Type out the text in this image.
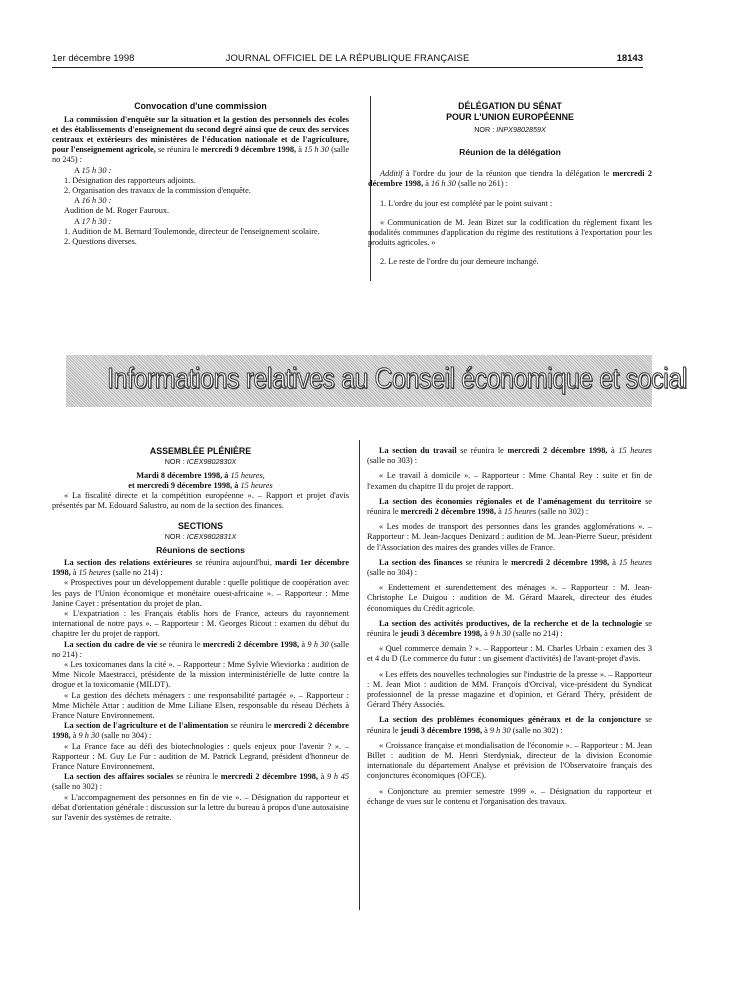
1er décembre 1998	JOURNAL OFFICIEL DE LA RÉPUBLIQUE FRANÇAISE	18143
Convocation d'une commission

La commission d'enquête sur la situation et la gestion des personnels des écoles et des établissements d'enseignement du second degré ainsi que de ceux des services centraux et extérieurs des ministères de l'éducation nationale et de l'agriculture, pour l'enseignement agricole, se réunira le mercredi 9 décembre 1998, à 15 h 30 (salle no 245) :

A 15 h 30 :

1. Désignation des rapporteurs adjoints.

2. Organisation des travaux de la commission d'enquête.

A 16 h 30 :

Audition de M. Roger Fauroux.

A 17 h 30 :

1. Audition de M. Bernard Toulemonde, directeur de l'enseignement scolaire.

2. Questions diverses.

DÉLÉGATION DU SÉNAT
POUR L'UNION EUROPÉENNE
NOR : INPX9802859X
Réunion de la délégation

Additif à l'ordre du jour de la réunion que tiendra la délégation le mercredi 2 décembre 1998, à 16 h 30 (salle no 261) :

1. L'ordre du jour est complété par le point suivant :

« Communication de M. Jean Bizet sur la codification du règlement fixant les modalités communes d'application du régime des restitutions à l'exportation pour les produits agricoles. »

2. Le reste de l'ordre du jour demeure inchangé.

Informations relatives au Conseil économique et social
ASSEMBLÉE PLÉNIÈRE
NOR : ICEX9802830X

Mardi 8 décembre 1998, à 15 heures,

et mercredi 9 décembre 1998, à 15 heures

« La fiscalité directe et la compétition européenne ». – Rapport et projet d'avis présentés par M. Edouard Salustro, au nom de la section des finances.

SECTIONS
NOR : ICEX9802831X
Réunions de sections

La section des relations extérieures se réunira aujourd'hui, mardi 1er décembre 1998, à 15 heures (salle no 214) :

« Prospectives pour un développement durable : quelle politique de coopération avec les pays de l'Union économique et monétaire ouest-africaine ». – Rapporteur : Mme Janine Cayet : présentation du projet de plan.

« L'expatriation : les Français établis hors de France, acteurs du rayonnement international de notre pays ». – Rapporteur : M. Georges Ricout : examen du début du chapitre Ier du projet de rapport.

La section du cadre de vie se réunira le mercredi 2 décembre 1998, à 9 h 30 (salle no 214) :

« Les toxicomanes dans la cité ». – Rapporteur : Mme Sylvie Wieviorka : audition de Mme Nicole Maestracci, présidente de la mission interministérielle de lutte contre la drogue et la toxicomanie (MILDT).

« La gestion des déchets ménagers : une responsabilité partagée ». – Rapporteur : Mme Michèle Attar : audition de Mme Liliane Elsen, responsable du réseau Déchets à France Nature Environnement.

La section de l'agriculture et de l'alimentation se réunira le mercredi 2 décembre 1998, à 9 h 30 (salle no 304) :

« La France face au défi des biotechnologies : quels enjeux pour l'avenir ? ». – Rapporteur : M. Guy Le Fur : audition de M. Patrick Legrand, président d'honneur de France Nature Environnement.

La section des affaires sociales se réunira le mercredi 2 décembre 1998, à 9 h 45 (salle no 302) :

« L'accompagnement des personnes en fin de vie ». – Désignation du rapporteur et débat d'orientation générale : discussion sur la lettre du bureau à propos d'une autosaisine sur l'avenir des systèmes de retraite.

La section du travail se réunira le mercredi 2 décembre 1998, à 15 heures (salle no 303) :

« Le travail à domicile ». – Rapporteur : Mme Chantal Rey : suite et fin de l'examen du chapitre II du projet de rapport.

La section des économies régionales et de l'aménagement du territoire se réunira le mercredi 2 décembre 1998, à 15 heures (salle no 302) :

« Les modes de transport des personnes dans les grandes agglomérations ». – Rapporteur : M. Jean-Jacques Denizard : audition de M. Jean-Pierre Sueur, président de l'Association des maires des grandes villes de France.

La section des finances se réunira le mercredi 2 décembre 1998, à 15 heures (salle no 304) :

« Endettement et surendettement des ménages ». – Rapporteur : M. Jean-Christophe Le Duigou : audition de M. Gérard Maarek, directeur des études économiques du Crédit agricole.

La section des activités productives, de la recherche et de la technologie se réunira le jeudi 3 décembre 1998, à 9 h 30 (salle no 214) :

« Quel commerce demain ? ». – Rapporteur : M. Charles Urbain : examen des 3 et 4 du D (Le commerce du futur : un gisement d'activités) de l'avant-projet d'avis.

« Les effets des nouvelles technologies sur l'industrie de la presse ». – Rapporteur : M. Jean Miot : audition de MM. François d'Orcival, vice-président du Syndicat professionnel de la presse magazine et d'opinion, et Gérard Théry, président de Gérard Théry Associés.

La section des problèmes économiques généraux et de la conjoncture se réunira le jeudi 3 décembre 1998, à 9 h 30 (salle no 302) :

« Croissance française et mondialisation de l'économie ». – Rapporteur : M. Jean Billet : audition de M. Henri Sterdyniak, directeur de la division Economie internationale du département Analyse et prévision de l'Observatoire français des conjonctures économiques (OFCE).

« Conjoncture au premier semestre 1999 ». – Désignation du rapporteur et échange de vues sur le contenu et l'organisation des travaux.
